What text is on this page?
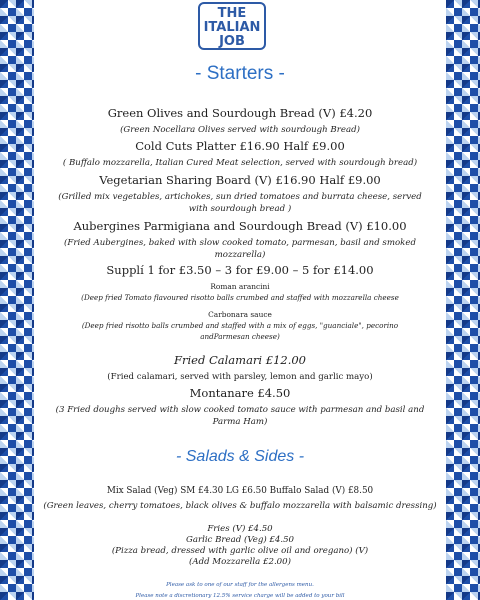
THE
ITALIAN
JOB
- Starters -
Green Olives and Sourdough Bread (V) £4.20
(Green Nocellara Olives served with sourdough Bread)
Cold Cuts Platter £16.90 Half £9.00
( Buffalo mozzarella, Italian Cured Meat selection, served with sourdough bread)
Vegetarian Sharing Board (V) £16.90 Half £9.00
(Grilled mix vegetables, artichokes, sun dried tomatoes and burrata cheese, served with sourdough bread )
Aubergines Parmigiana and Sourdough Bread (V) £10.00
(Fried Aubergines, baked with slow cooked tomato, parmesan, basil and smoked mozzarella)
Supplí 1 for £3.50 – 3 for £9.00 – 5 for £14.00
Roman arancini
(Deep fried Tomato flavoured risotto balls crumbed and staffed with mozzarella cheese
Carbonara sauce
(Deep fried risotto balls crumbed and staffed with a mix of eggs, "guanciale", pecorino andParmesan cheese)
Fried Calamari £12.00
(Fried calamari, served with parsley, lemon and garlic mayo)
Montanare £4.50
(3 Fried doughs served with slow cooked tomato sauce with parmesan and basil and Parma Ham)
- Salads & Sides -
Mix Salad (Veg) SM £4.30 LG £6.50 Buffalo Salad (V) £8.50
(Green leaves, cherry tomatoes, black olives & buffalo mozzarella with balsamic dressing)
Fries (V) £4.50
Garlic Bread (Veg) £4.50
(Pizza bread, dressed with garlic olive oil and oregano) (V)
(Add Mozzarella £2.00)
Please ask to one of our staff for the allergens menu.
Please note a discretionary 12.5% service charge will be added to your bill
